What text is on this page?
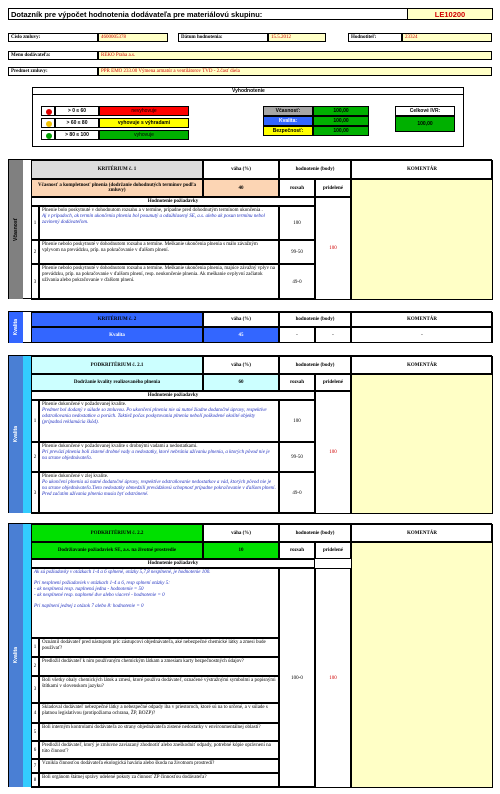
Dotazník pre výpočet hodnotenia dodávateľa pre materiálovú skupinu:	LE10200
Číslo zmluvy:	4600005378	Dátum hodnotenia:	15.5.2012	Hodnotiteľ:	23324
Meno dodávateľa:	REKO Praha a.s.
Predmet zmluvy:	PPR EMO 233.00 Výmena armatúr a ventilátorov TVD - 2.časť diela
Vyhodnotenie
> 0 ≤ 60	nevyhovuje
> 60 ≤ 80	vyhovuje s výhradami
> 80 ≤ 100	vyhovuje
Včasnosť:	100,00
Kvalita:	100,00
Bezpečnosť:	100,00
Celkové IVR:
100,00
Včasnosť
KRITÉRIUM č. 1	váha (%)	hodnotenie (body)	KOMENTÁR
Včasnosť a kompletnosť plnenia (dodržanie dohodnutých termínov podľa zmluvy)	40	rozsah	pridelené
Hodnotenie požiadavky
100
1
Plnenie bolo poskytnuté v dohodnutom rozsahu a v termíne, prípadne pred dohodnutým termínom ukončenia .
Aj v prípadoch, ak termín ukončenia plnenia bol posunutý a odsúhlasený SE, a.s. alebo ak posun termínu nebol zavinený dodávateľom.	100
2
Plnenie nebolo poskytnuté v dohodnutom rozsahu a termíne. Meškanie ukončenia plnenia s málo závažným vplyvom na prevádzku, príp. na pokračovanie v ďalšom plnení.	99-50
3
Plnenie nebolo poskytnuté v dohodnutom rozsahu a termíne. Meškanie ukončenia plnenia, majúce závažný vplyv na prevádzku, príp. na pokračovanie v ďalšom plnení, resp. neukončenie plnenia. Ak meškanie ovplyvní začiatok užívania alebo pokračovanie v ďalšom plnení.	49-0
Kvalita	KRITÉRIUM č. 2	váha (%)	hodnotenie (body)	KOMENTÁR
Kvalita	45	-	-	-
Kvalita
PODKRITÉRIUM č. 2.1	váha (%)	hodnotenie (body)	KOMENTÁR
Dodržanie kvality realizovaného plnenia	60	rozsah	pridelené
Hodnotenie požiadavky
100
1
Plnenie dokončené v požadovanej kvalite.
Predmet bol dodaný v súlade so zmluvou. Po ukončení plnenia nie sú nutné žiadne dodatočné úpravy, respektíve odstraňovania nedostatkov a porúch. Taktiež počas poskytovania plnenia nebolí poškodené okolité objekty (prípadná reklamácia škôd).	100
2
Plnenie dokončené v požadovanej kvalite s drobnými vadami a nedostatkami.
Pri preväzí plnenia boli zistené drobné vady a nedostatky, ktoré nebránia užívaniu plnenia, a ktorých pôvod nie je na strane objednávateľa.	99-50
3
Plnenie dokončené v zlej kvalite.
Po ukončení plnenia sú nutné dodatočné úpravy, respektíve odstraňovanie nedostatkov a vád, ktorých pôvod nie je na strane objednávateľa.Tieto nedostatky obmedzili prevádzkovú schopnosť prípadne pokračovanie v ďalšom plnení. Pred začatím užívania plnenia musia byť odstránené.	49-0
Kvalita
PODKRITÉRIUM č. 2.2	váha (%)	hodnotenie (body)	KOMENTÁR
Dodržiavanie požiadaviek SE, a.s. na životné prostredie	10	rozsah	pridelené
Hodnotenie požiadavky
100-0	100
Ak sú požiadavky v otázkach 1-4 a 6 splnené, otázky 5,7,8 nesplnené, je hodnotenie 100.
Pri nesplnení požiadaviek v otázkach 1-4 a 6, resp splnení otázky 5:
- ak nesplnená resp. naplnená jedna - hodnotenie = 50
- ak nesplnené resp. naplnené dve alebo viaceré - hodnotenie = 0
Pri naplnení jednej z otázok 7 alebo 8: hodnotenie = 0
1
Oznámil dodávateľ pred nástupom príc zástupcovi objednávateľa, aké nebezpečné chemické látky a zmesi bude používať?
2
Predložil dodávateľ k nim používaným chemickým látkam a zmesiam karty bezpečnostných údajov?
3
Boli všetky obaly chemických látok a zmesí, ktoré používa dodávateľ, označené výstražnými symbolmi a popisnými štítkami v slovenskom jazyku?
4
Skladoval dodávateľ nebezpečné látky a nebezpečné odpady iba v priestoroch, ktoré sú na to určené, a v súlade s platnou legislatívou (protipožiarna ochrana, ŽP, BOZP)?
5
Boli interným kontrolami dodávateľa zo strany objednávateľa zistené nedostatky v environmentálnej oblasti?
6
Predložil dodávateľ, ktorý je zmluvne zaviazaný zhodnotiť alebo zneškodniť odpady, potrebné kópie oprávnení na túto činnosť?
7	Vznikla činnosťou dodávateľa ekologická havária alebo škoda na životnom prostredí?
8
Boli orgánom štátnej správy udelené pokuty za činnosť ŽP činnosťou dodávateľa?
